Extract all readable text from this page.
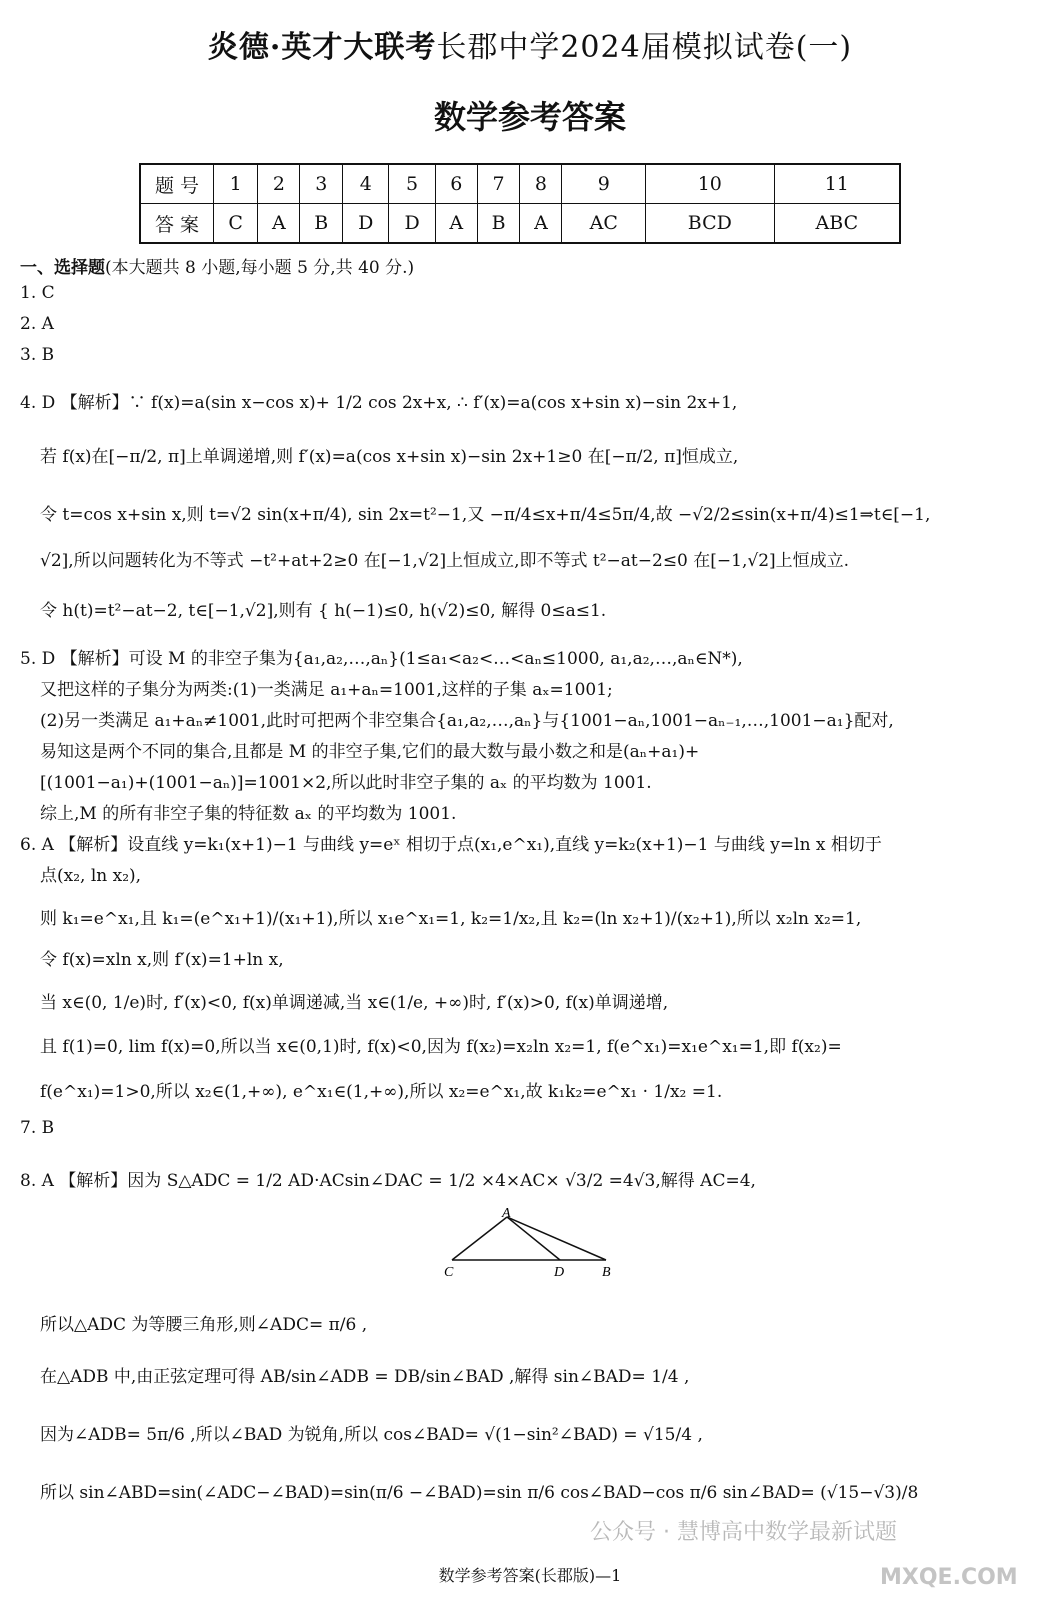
炎德·英才大联考长郡中学2024届模拟试卷(一)
数学参考答案
题 号	1	2	3	4	5	6	7	8	9	10	11
答 案	C	A	B	D	D	A	B	A	AC	BCD	ABC
一、选择题(本大题共 8 小题,每小题 5 分,共 40 分.)
1. C
2. A
3. B
4. D 【解析】∵ f(x)=a(sin x−cos x)+ 1/2 cos 2x+x, ∴ f′(x)=a(cos x+sin x)−sin 2x+1,
若 f(x)在[−π/2, π]上单调递增,则 f′(x)=a(cos x+sin x)−sin 2x+1≥0 在[−π/2, π]恒成立,
令 t=cos x+sin x,则 t=√2 sin(x+π/4), sin 2x=t²−1,又 −π/4≤x+π/4≤5π/4,故 −√2/2≤sin(x+π/4)≤1⇒t∈[−1,
√2],所以问题转化为不等式 −t²+at+2≥0 在[−1,√2]上恒成立,即不等式 t²−at−2≤0 在[−1,√2]上恒成立.
令 h(t)=t²−at−2, t∈[−1,√2],则有 { h(−1)≤0, h(√2)≤0, 解得 0≤a≤1.
5. D 【解析】可设 M 的非空子集为{a₁,a₂,…,aₙ}(1≤a₁<a₂<…<aₙ≤1000, a₁,a₂,…,aₙ∈N*),
又把这样的子集分为两类:(1)一类满足 a₁+aₙ=1001,这样的子集 aₓ=1001;
(2)另一类满足 a₁+aₙ≠1001,此时可把两个非空集合{a₁,a₂,…,aₙ}与{1001−aₙ,1001−aₙ₋₁,…,1001−a₁}配对,
易知这是两个不同的集合,且都是 M 的非空子集,它们的最大数与最小数之和是(aₙ+a₁)+
[(1001−a₁)+(1001−aₙ)]=1001×2,所以此时非空子集的 aₓ 的平均数为 1001.
综上,M 的所有非空子集的特征数 aₓ 的平均数为 1001.
6. A 【解析】设直线 y=k₁(x+1)−1 与曲线 y=eˣ 相切于点(x₁,e^x₁),直线 y=k₂(x+1)−1 与曲线 y=ln x 相切于
点(x₂, ln x₂),
则 k₁=e^x₁,且 k₁=(e^x₁+1)/(x₁+1),所以 x₁e^x₁=1, k₂=1/x₂,且 k₂=(ln x₂+1)/(x₂+1),所以 x₂ln x₂=1,
令 f(x)=xln x,则 f′(x)=1+ln x,
当 x∈(0, 1/e)时, f′(x)<0, f(x)单调递减,当 x∈(1/e, +∞)时, f′(x)>0, f(x)单调递增,
且 f(1)=0, lim f(x)=0,所以当 x∈(0,1)时, f(x)<0,因为 f(x₂)=x₂ln x₂=1, f(e^x₁)=x₁e^x₁=1,即 f(x₂)=
f(e^x₁)=1>0,所以 x₂∈(1,+∞), e^x₁∈(1,+∞),所以 x₂=e^x₁,故 k₁k₂=e^x₁ · 1/x₂ =1.
7. B
8. A 【解析】因为 S△ADC = 1/2 AD·ACsin∠DAC = 1/2 ×4×AC× √3/2 =4√3,解得 AC=4,
A
C	D	B
所以△ADC 为等腰三角形,则∠ADC= π/6 ,
在△ADB 中,由正弦定理可得 AB/sin∠ADB = DB/sin∠BAD ,解得 sin∠BAD= 1/4 ,
因为∠ADB= 5π/6 ,所以∠BAD 为锐角,所以 cos∠BAD= √(1−sin²∠BAD) = √15/4 ,
所以 sin∠ABD=sin(∠ADC−∠BAD)=sin(π/6 −∠BAD)=sin π/6 cos∠BAD−cos π/6 sin∠BAD= (√15−√3)/8
公众号 · 慧博高中数学最新试题
数学参考答案(长郡版)—1	MXQE.COM
